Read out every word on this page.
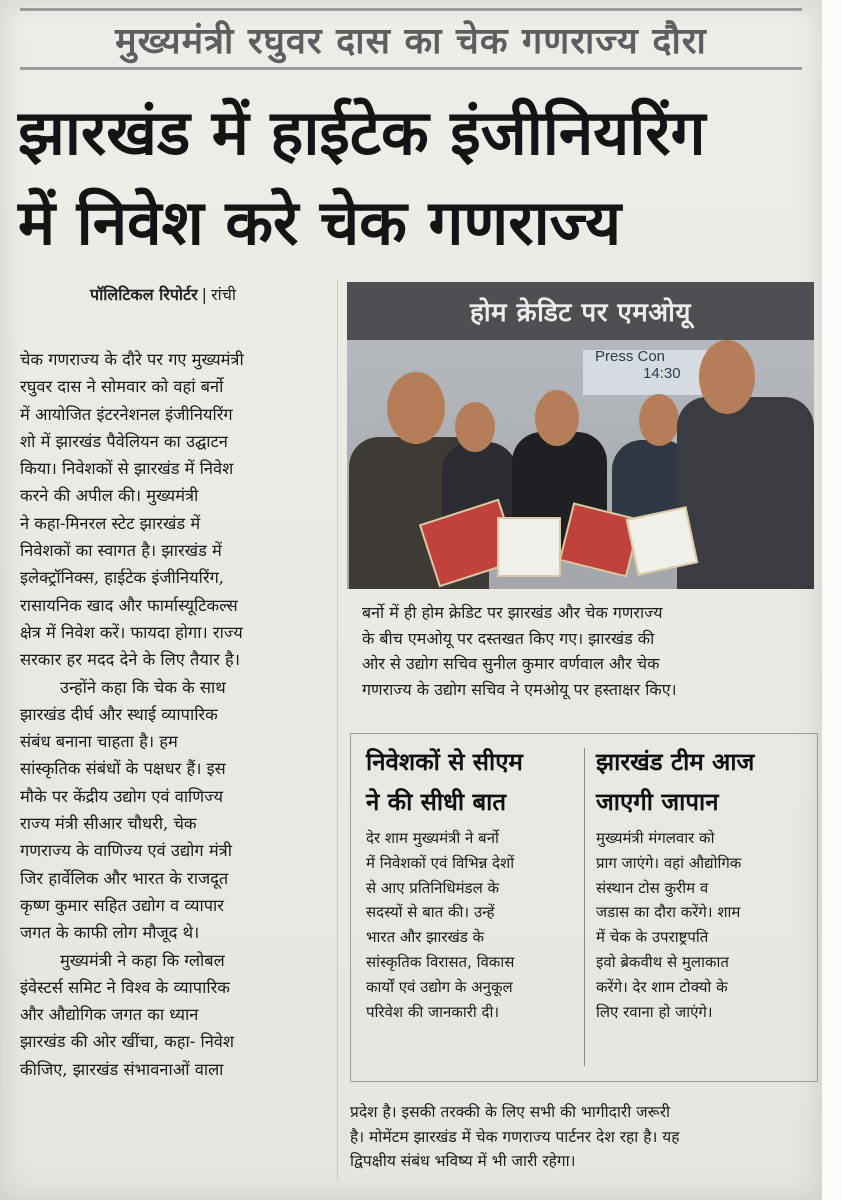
मुख्यमंत्री रघुवर दास का चेक गणराज्य दौरा
झारखंड में हाईटेक इंजीनियरिंग
में निवेश करे चेक गणराज्य
पॉलिटिकल रिपोर्टर | रांची
चेक गणराज्य के दौरे पर गए मुख्यमंत्री
रघुवर दास ने सोमवार को वहां बर्नो
में आयोजित इंटरनेशनल इंजीनियरिंग
शो में झारखंड पैवेलियन का उद्घाटन
किया। निवेशकों से झारखंड में निवेश
करने की अपील की। मुख्यमंत्री
ने कहा-मिनरल स्टेट झारखंड में
निवेशकों का स्वागत है। झारखंड में
इलेक्ट्रॉनिक्स, हाईटेक इंजीनियरिंग,
रासायनिक खाद और फार्मास्यूटिकल्स
क्षेत्र में निवेश करें। फायदा होगा। राज्य
सरकार हर मदद देने के लिए तैयार है।
उन्होंने कहा कि चेक के साथ
झारखंड दीर्घ और स्थाई व्यापारिक
संबंध बनाना चाहता है। हम
सांस्कृतिक संबंधों के पक्षधर हैं। इस
मौके पर केंद्रीय उद्योग एवं वाणिज्य
राज्य मंत्री सीआर चौधरी, चेक
गणराज्य के वाणिज्य एवं उद्योग मंत्री
जिर हार्वेलिक और भारत के राजदूत
कृष्ण कुमार सहित उद्योग व व्यापार
जगत के काफी लोग मौजूद थे।
मुख्यमंत्री ने कहा कि ग्लोबल
इंवेस्टर्स समिट ने विश्व के व्यापारिक
और औद्योगिक जगत का ध्यान
झारखंड की ओर खींचा, कहा- निवेश
कीजिए, झारखंड संभावनाओं वाला
होम क्रेडिट पर एमओयू
Press Con
14:30
बर्नो में ही होम क्रेडिट पर झारखंड और चेक गणराज्य
के बीच एमओयू पर दस्तखत किए गए। झारखंड की
ओर से उद्योग सचिव सुनील कुमार वर्णवाल और चेक
गणराज्य के उद्योग सचिव ने एमओयू पर हस्ताक्षर किए।
निवेशकों से सीएम
ने की सीधी बात
देर शाम मुख्यमंत्री ने बर्नो
में निवेशकों एवं विभिन्न देशों
से आए प्रतिनिधिमंडल के
सदस्यों से बात की। उन्हें
भारत और झारखंड के
सांस्कृतिक विरासत, विकास
कार्यों एवं उद्योग के अनुकूल
परिवेश की जानकारी दी।
झारखंड टीम आज
जाएगी जापान
मुख्यमंत्री मंगलवार को
प्राग जाएंगे। वहां औद्योगिक
संस्थान टोस कुरीम व
जडास का दौरा करेंगे। शाम
में चेक के उपराष्ट्रपति
इवो ब्रेकवीथ से मुलाकात
करेंगे। देर शाम टोक्यो के
लिए रवाना हो जाएंगे।
प्रदेश है। इसकी तरक्की के लिए सभी की भागीदारी जरूरी
है। मोमेंटम झारखंड में चेक गणराज्य पार्टनर देश रहा है। यह
द्विपक्षीय संबंध भविष्य में भी जारी रहेगा।
